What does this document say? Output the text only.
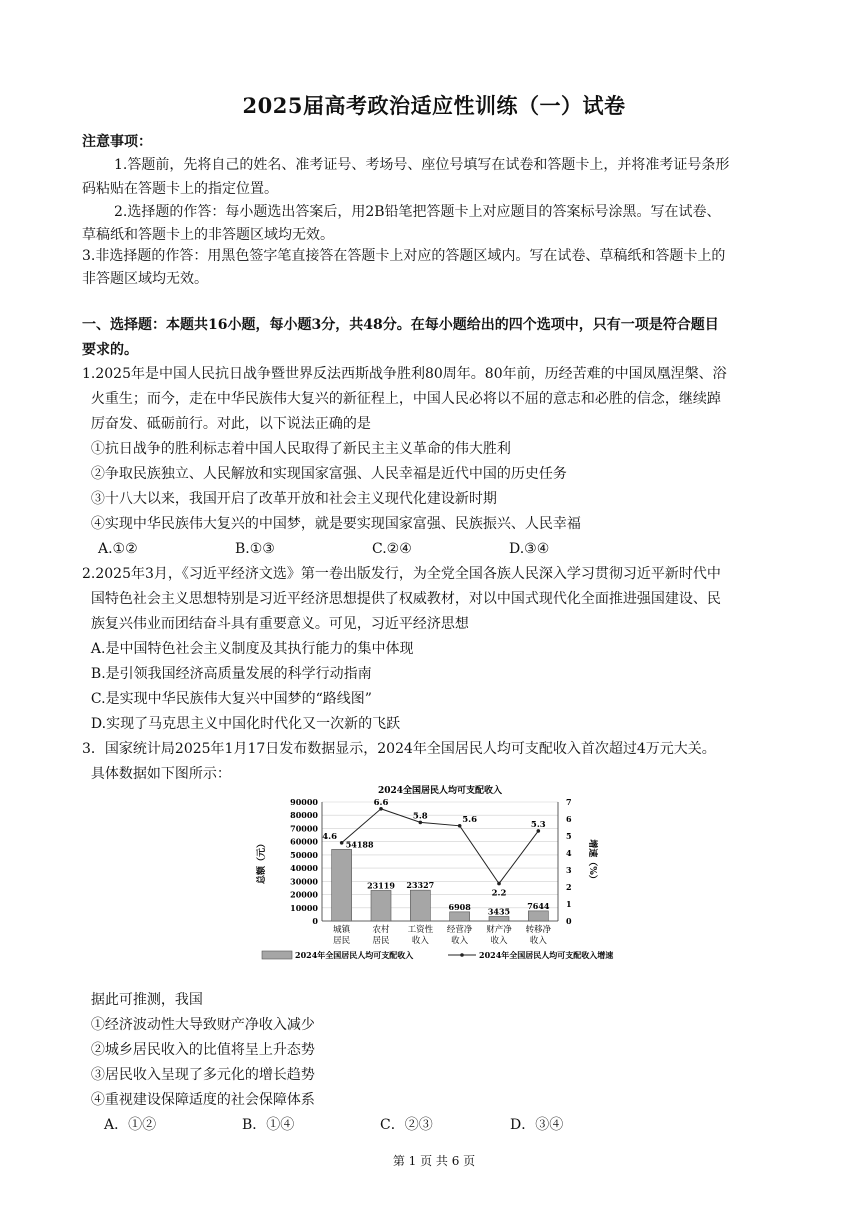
2025届高考政治适应性训练（一）试卷
注意事项：
1.答题前，先将自己的姓名、准考证号、考场号、座位号填写在试卷和答题卡上，并将准考证号条形
码粘贴在答题卡上的指定位置。
2.选择题的作答：每小题选出答案后，用2B铅笔把答题卡上对应题目的答案标号涂黑。写在试卷、
草稿纸和答题卡上的非答题区域均无效。
3.非选择题的作答：用黑色签字笔直接答在答题卡上对应的答题区域内。写在试卷、草稿纸和答题卡上的
非答题区域均无效。
一、选择题：本题共16小题，每小题3分，共48分。在每小题给出的四个选项中，只有一项是符合题目
要求的。
1.2025年是中国人民抗日战争暨世界反法西斯战争胜利80周年。80年前，历经苦难的中国凤凰涅槃、浴
火重生；而今，走在中华民族伟大复兴的新征程上，中国人民必将以不屈的意志和必胜的信念，继续踔
厉奋发、砥砺前行。对此，以下说法正确的是
①抗日战争的胜利标志着中国人民取得了新民主主义革命的伟大胜利
②争取民族独立、人民解放和实现国家富强、人民幸福是近代中国的历史任务
③十八大以来，我国开启了改革开放和社会主义现代化建设新时期
④实现中华民族伟大复兴的中国梦，就是要实现国家富强、民族振兴、人民幸福
A.①②	B.①③	C.②④	D.③④
2.2025年3月，《习近平经济文选》第一卷出版发行，为全党全国各族人民深入学习贯彻习近平新时代中
国特色社会主义思想特别是习近平经济思想提供了权威教材，对以中国式现代化全面推进强国建设、民
族复兴伟业而团结奋斗具有重要意义。可见，习近平经济思想
A.是中国特色社会主义制度及其执行能力的集中体现
B.是引领我国经济高质量发展的科学行动指南
C.是实现中华民族伟大复兴中国梦的“路线图”
D.实现了马克思主义中国化时代化又一次新的飞跃
3．国家统计局2025年1月17日发布数据显示，2024年全国居民人均可支配收入首次超过4万元大关。
具体数据如下图所示：
2024全国居民人均可支配收入
0
10000
20000
30000
40000
50000
60000
70000
80000
90000
0
1
2
3
4
5
6
7
总额（元）	增速（%）
54188
23119 23327
6908 3435
7644
城镇
居民
农村
居民
工资性
收入
经营净
收入
财产净
收入
转移净
收入
4.6
6.6
5.8	5.6
2.2
5.3
2024年全国居民人均可支配收入	2024年全国居民人均可支配收入增速
据此可推测，我国
①经济波动性大导致财产净收入减少
②城乡居民收入的比值将呈上升态势
③居民收入呈现了多元化的增长趋势
④重视建设保障适度的社会保障体系
A．①②	B．①④	C．②③	D．③④
第 1 页 共 6 页
